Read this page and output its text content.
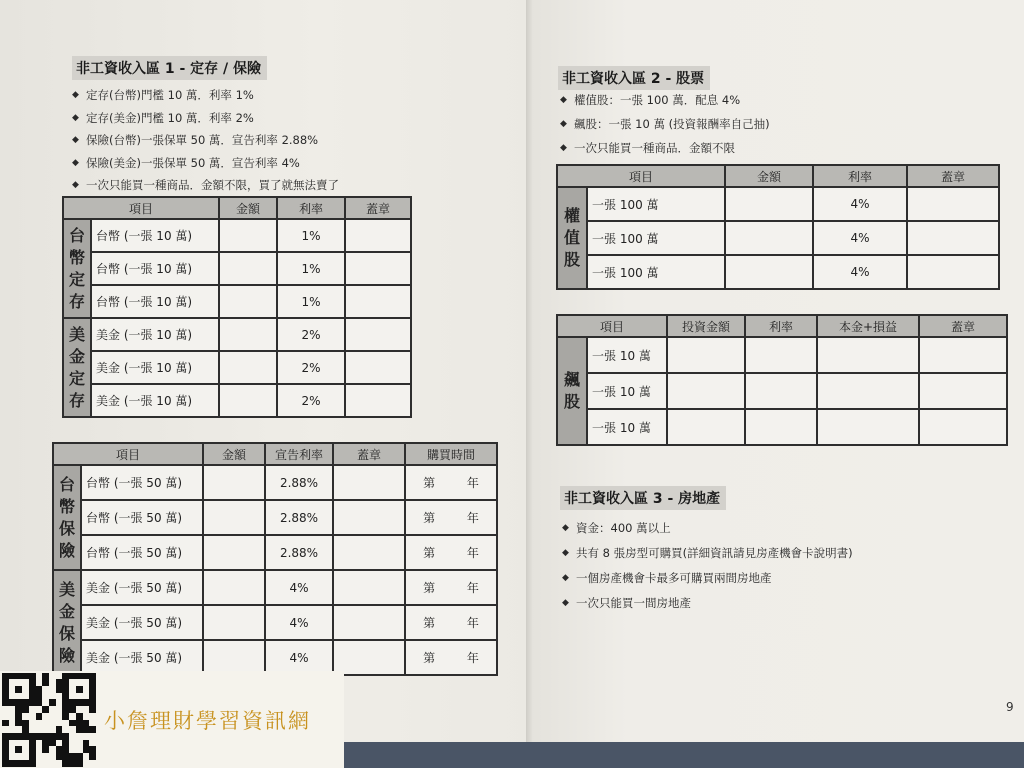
非工資收入區 1 - 定存 / 保險
◆ 定存(台幣)門檻 10 萬．利率 1%
◆ 定存(美金)門檻 10 萬．利率 2%
◆ 保險(台幣)一張保單 50 萬．宣告利率 2.88%
◆ 保險(美金)一張保單 50 萬．宣告利率 4%
◆ 一次只能買一種商品．金額不限，買了就無法賣了
項目		金額	利率	蓋章
台幣定存	台幣 (一張 10 萬)		1%	
	台幣 (一張 10 萬)		1%	
	台幣 (一張 10 萬)		1%	
美金定存	美金 (一張 10 萬)		2%	
	美金 (一張 10 萬)		2%	
	美金 (一張 10 萬)		2%	
項目		金額	宣告利率	蓋章	購買時間
台幣保險	台幣 (一張 50 萬)		2.88%		第 年
	台幣 (一張 50 萬)		2.88%		第 年
	台幣 (一張 50 萬)		2.88%		第 年
美金保險	美金 (一張 50 萬)		4%		第 年
	美金 (一張 50 萬)		4%		第 年
	美金 (一張 50 萬)		4%		第 年
非工資收入區 2 - 股票
◆ 權值股：一張 100 萬．配息 4%
◆ 飆股：一張 10 萬 (投資報酬率自己抽)
◆ 一次只能買一種商品．金額不限
項目		金額	利率	蓋章
權值股	一張 100 萬		4%	
	一張 100 萬		4%	
	一張 100 萬		4%	
項目		投資金額	利率	本金+損益	蓋章
飆股	一張 10 萬				
	一張 10 萬				
	一張 10 萬				
非工資收入區 3 - 房地產
◆ 資金：400 萬以上
◆ 共有 8 張房型可購買(詳細資訊請見房產機會卡說明書)
◆ 一個房產機會卡最多可購買兩間房地產
◆ 一次只能買一間房地產
9
小詹理財學習資訊網
